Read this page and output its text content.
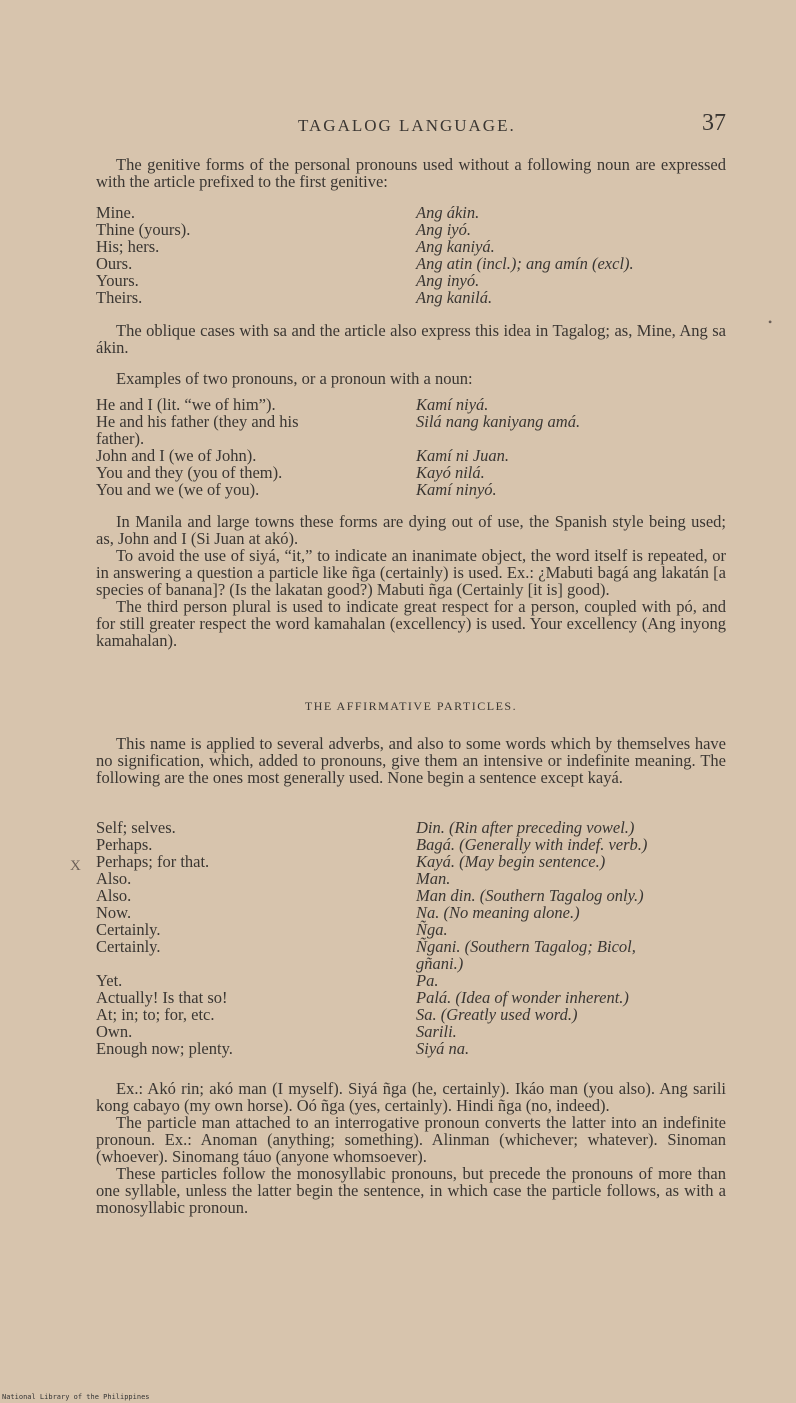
TAGALOG LANGUAGE.	37

The genitive forms of the personal pronouns used without a following noun are expressed with the article prefixed to the first genitive:

Mine.	Ang ákin.
Thine (yours).	Ang iyó.
His; hers.	Ang kaniyá.
Ours.	Ang atin (incl.); ang amín (excl).
Yours.	Ang inyó.
Theirs.	Ang kanilá.

The oblique cases with sa and the article also express this idea in Tagalog; as, Mine, Ang sa ákin.

Examples of two pronouns, or a pronoun with a noun:

He and I (lit. “we of him”).	Kamí niyá.
He and his father (they and his	Silá nang kaniyang amá.
father).
John and I (we of John).	Kamí ni Juan.
You and they (you of them).	Kayó nilá.
You and we (we of you).	Kamí ninyó.

In Manila and large towns these forms are dying out of use, the Spanish style being used; as, John and I (Si Juan at akó).

To avoid the use of siyá, “it,” to indicate an inanimate object, the word itself is repeated, or in answering a question a particle like ñga (certainly) is used. Ex.: ¿Mabuti bagá ang lakatán [a species of banana]? (Is the lakatan good?) Mabuti ñga (Certainly [it is] good).

The third person plural is used to indicate great respect for a person, coupled with pó, and for still greater respect the word kamahalan (excellency) is used. Your excellency (Ang inyong kamahalan).

THE AFFIRMATIVE PARTICLES.

This name is applied to several adverbs, and also to some words which by themselves have no signification, which, added to pronouns, give them an intensive or indefinite meaning. The following are the ones most generally used. None begin a sentence except kayá.

Self; selves.	Din. (Rin after preceding vowel.)
Perhaps.	Bagá. (Generally with indef. verb.)
Perhaps; for that.	Kayá. (May begin sentence.)
Also.	Man.
Also.	Man din. (Southern Tagalog only.)
Now.	Na. (No meaning alone.)
Certainly.	Ñga.
Certainly.	Ñgani. (Southern Tagalog; Bicol,
gñani.)
Yet.	Pa.
Actually! Is that so!	Palá. (Idea of wonder inherent.)
At; in; to; for, etc.	Sa. (Greatly used word.)
Own.	Sarili.
Enough now; plenty.	Siyá na.

Ex.: Akó rin; akó man (I myself). Siyá ñga (he, certainly). Ikáo man (you also). Ang sarili kong cabayo (my own horse). Oó ñga (yes, certainly). Hindi ñga (no, indeed).

The particle man attached to an interrogative pronoun converts the latter into an indefinite pronoun. Ex.: Anoman (anything; something). Alinman (whichever; whatever). Sinoman (whoever). Sinomang táuo (anyone whomsoever).

These particles follow the monosyllabic pronouns, but precede the pronouns of more than one syllable, unless the latter begin the sentence, in which case the particle follows, as with a monosyllabic pronoun.

X
•
National Library of the Philippines
